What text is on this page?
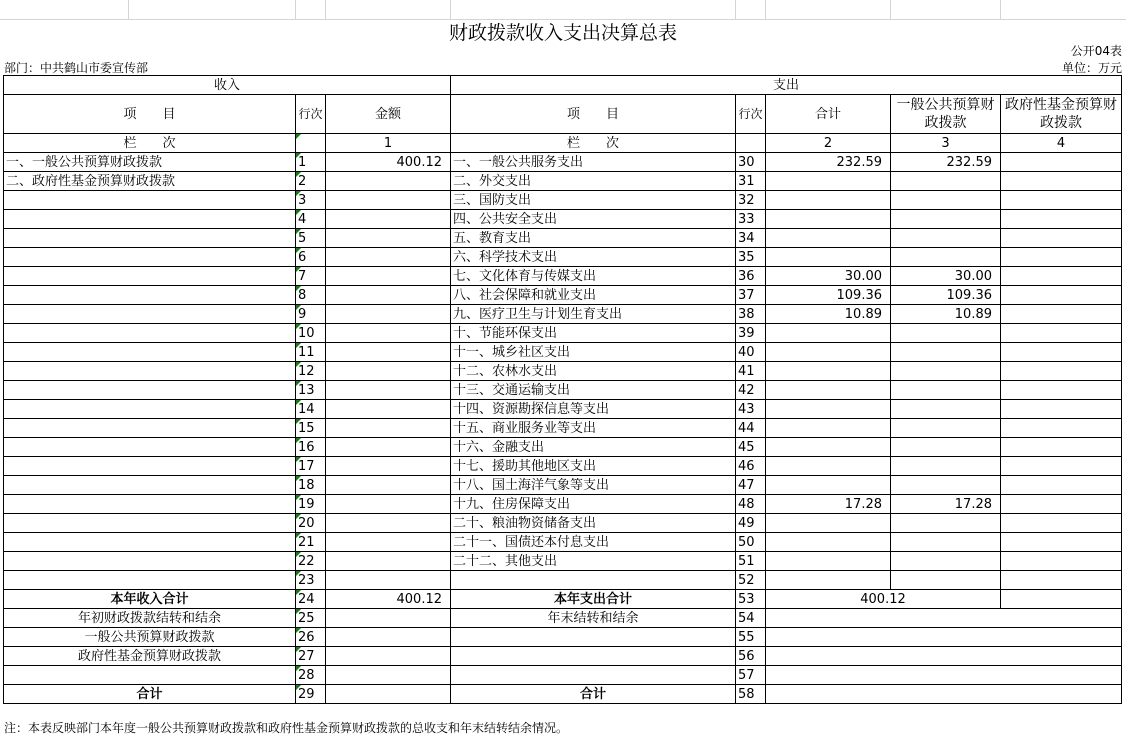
财政拨款收入支出决算总表
公开04表
部门：中共鹤山市委宣传部	单位：万元
收入			支出				
项　　目	行次	金额	项　　目	行次	合计	一般公共预算财政拨款	政府性基金预算财政拨款
栏　　次		1	栏　　次		2	3	4
一、一般公共预算财政拨款	1	400.12	一、一般公共服务支出	30	232.59	232.59	
二、政府性基金预算财政拨款	2		二、外交支出	31			
	3		三、国防支出	32			
	4		四、公共安全支出	33			
	5		五、教育支出	34			
	6		六、科学技术支出	35			
	7		七、文化体育与传媒支出	36	30.00	30.00	
	8		八、社会保障和就业支出	37	109.36	109.36	
	9		九、医疗卫生与计划生育支出	38	10.89	10.89	
	10		十、节能环保支出	39			
	11		十一、城乡社区支出	40			
	12		十二、农林水支出	41			
	13		十三、交通运输支出	42			
	14		十四、资源勘探信息等支出	43			
	15		十五、商业服务业等支出	44			
	16		十六、金融支出	45			
	17		十七、援助其他地区支出	46			
	18		十八、国土海洋气象等支出	47			
	19		十九、住房保障支出	48	17.28	17.28	
	20		二十、粮油物资储备支出	49			
	21		二十一、国债还本付息支出	50			
	22		二十二、其他支出	51			
	23			52			
本年收入合计	24	400.12	本年支出合计	53	400.12		
年初财政拨款结转和结余	25		年末结转和结余	54			
一般公共预算财政拨款	26			55			
政府性基金预算财政拨款	27			56			
	28			57			
合计	29		合计	58			
注：本表反映部门本年度一般公共预算财政拨款和政府性基金预算财政拨款的总收支和年末结转结余情况。
